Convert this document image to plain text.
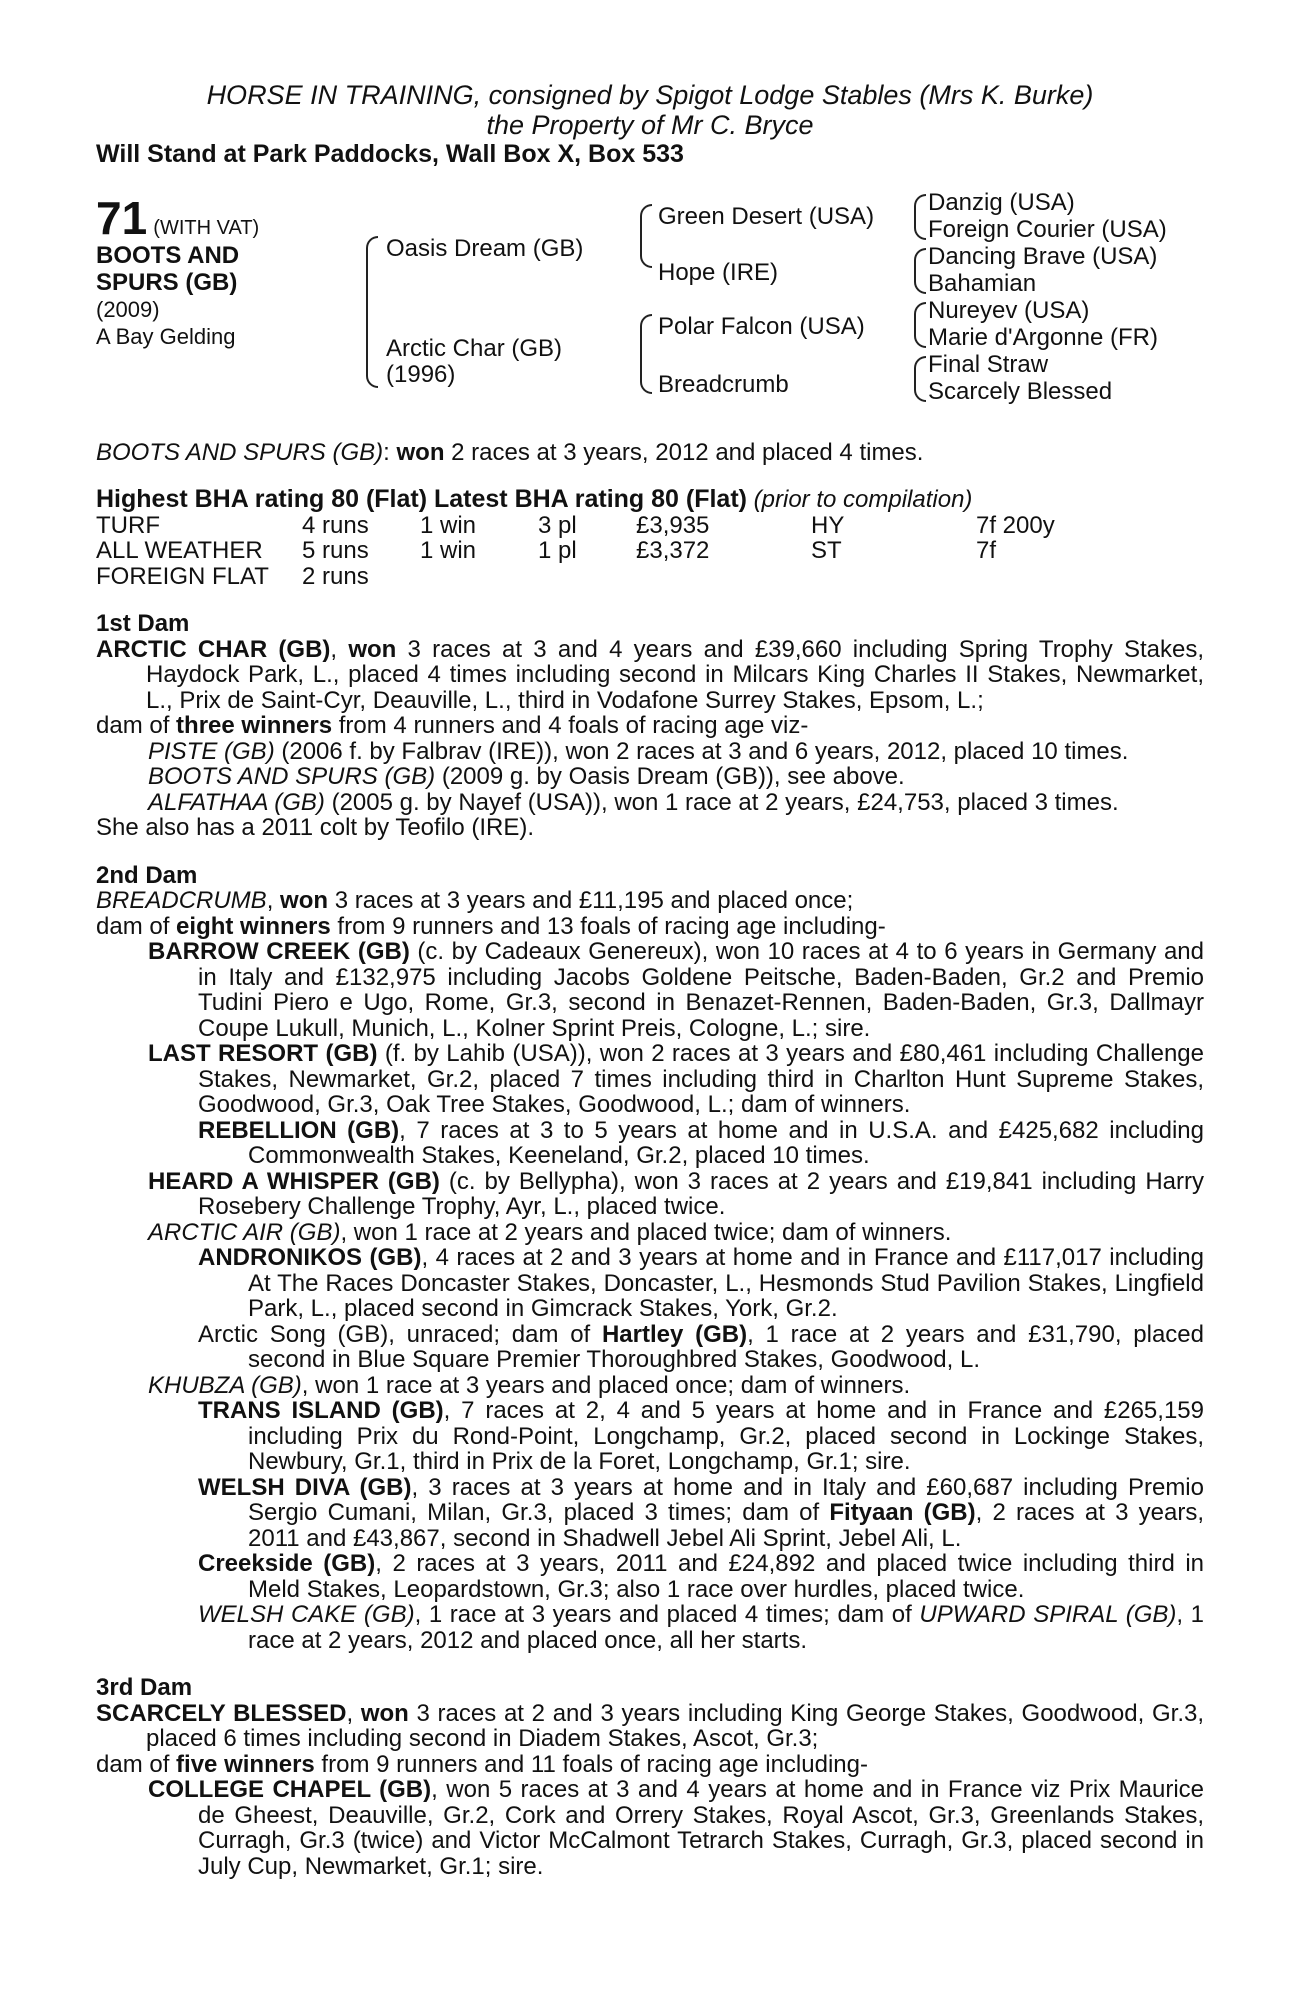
HORSE IN TRAINING, consigned by Spigot Lodge Stables (Mrs K. Burke)
the Property of Mr C. Bryce
Will Stand at Park Paddocks, Wall Box X, Box 533
71 (WITH VAT)
BOOTS AND
SPURS (GB)
(2009)
A Bay Gelding
Oasis Dream (GB)
Arctic Char (GB)
(1996)
Green Desert (USA)
Hope (IRE)
Polar Falcon (USA)
Breadcrumb
Danzig (USA)
Foreign Courier (USA)
Dancing Brave (USA)
Bahamian
Nureyev (USA)
Marie d'Argonne (FR)
Final Straw
Scarcely Blessed

BOOTS AND SPURS (GB): won 2 races at 3 years, 2012 and placed 4 times.

Highest BHA rating 80 (Flat) Latest BHA rating 80 (Flat) (prior to compilation)

TURF	4 runs	1 win	3 pl	£3,935	HY	7f 200y
ALL WEATHER	5 runs	1 win	1 pl	£3,372	ST	7f
FOREIGN FLAT	2 runs
1st Dam
ARCTIC CHAR (GB), won 3 races at 3 and 4 years and £39,660 including Spring Trophy Stakes, Haydock Park, L., placed 4 times including second in Milcars King Charles II Stakes, Newmarket, L., Prix de Saint-Cyr, Deauville, L., third in Vodafone Surrey Stakes, Epsom, L.;
dam of three winners from 4 runners and 4 foals of racing age viz-
PISTE (GB) (2006 f. by Falbrav (IRE)), won 2 races at 3 and 6 years, 2012, placed 10 times.
BOOTS AND SPURS (GB) (2009 g. by Oasis Dream (GB)), see above.
ALFATHAA (GB) (2005 g. by Nayef (USA)), won 1 race at 2 years, £24,753, placed 3 times.
She also has a 2011 colt by Teofilo (IRE).
2nd Dam
BREADCRUMB, won 3 races at 3 years and £11,195 and placed once;
dam of eight winners from 9 runners and 13 foals of racing age including-
BARROW CREEK (GB) (c. by Cadeaux Genereux), won 10 races at 4 to 6 years in Germany and in Italy and £132,975 including Jacobs Goldene Peitsche, Baden-Baden, Gr.2 and Premio Tudini Piero e Ugo, Rome, Gr.3, second in Benazet-Rennen, Baden-Baden, Gr.3, Dallmayr Coupe Lukull, Munich, L., Kolner Sprint Preis, Cologne, L.; sire.
LAST RESORT (GB) (f. by Lahib (USA)), won 2 races at 3 years and £80,461 including Challenge Stakes, Newmarket, Gr.2, placed 7 times including third in Charlton Hunt Supreme Stakes, Goodwood, Gr.3, Oak Tree Stakes, Goodwood, L.; dam of winners.
REBELLION (GB), 7 races at 3 to 5 years at home and in U.S.A. and £425,682 including Commonwealth Stakes, Keeneland, Gr.2, placed 10 times.
HEARD A WHISPER (GB) (c. by Bellypha), won 3 races at 2 years and £19,841 including Harry Rosebery Challenge Trophy, Ayr, L., placed twice.
ARCTIC AIR (GB), won 1 race at 2 years and placed twice; dam of winners.
ANDRONIKOS (GB), 4 races at 2 and 3 years at home and in France and £117,017 including At The Races Doncaster Stakes, Doncaster, L., Hesmonds Stud Pavilion Stakes, Lingfield Park, L., placed second in Gimcrack Stakes, York, Gr.2.
Arctic Song (GB), unraced; dam of Hartley (GB), 1 race at 2 years and £31,790, placed second in Blue Square Premier Thoroughbred Stakes, Goodwood, L.
KHUBZA (GB), won 1 race at 3 years and placed once; dam of winners.
TRANS ISLAND (GB), 7 races at 2, 4 and 5 years at home and in France and £265,159 including Prix du Rond-Point, Longchamp, Gr.2, placed second in Lockinge Stakes, Newbury, Gr.1, third in Prix de la Foret, Longchamp, Gr.1; sire.
WELSH DIVA (GB), 3 races at 3 years at home and in Italy and £60,687 including Premio Sergio Cumani, Milan, Gr.3, placed 3 times; dam of Fityaan (GB), 2 races at 3 years, 2011 and £43,867, second in Shadwell Jebel Ali Sprint, Jebel Ali, L.
Creekside (GB), 2 races at 3 years, 2011 and £24,892 and placed twice including third in Meld Stakes, Leopardstown, Gr.3; also 1 race over hurdles, placed twice.
WELSH CAKE (GB), 1 race at 3 years and placed 4 times; dam of UPWARD SPIRAL (GB), 1 race at 2 years, 2012 and placed once, all her starts.
3rd Dam
SCARCELY BLESSED, won 3 races at 2 and 3 years including King George Stakes, Goodwood, Gr.3, placed 6 times including second in Diadem Stakes, Ascot, Gr.3;
dam of five winners from 9 runners and 11 foals of racing age including-
COLLEGE CHAPEL (GB), won 5 races at 3 and 4 years at home and in France viz Prix Maurice de Gheest, Deauville, Gr.2, Cork and Orrery Stakes, Royal Ascot, Gr.3, Greenlands Stakes, Curragh, Gr.3 (twice) and Victor McCalmont Tetrarch Stakes, Curragh, Gr.3, placed second in July Cup, Newmarket, Gr.1; sire.
